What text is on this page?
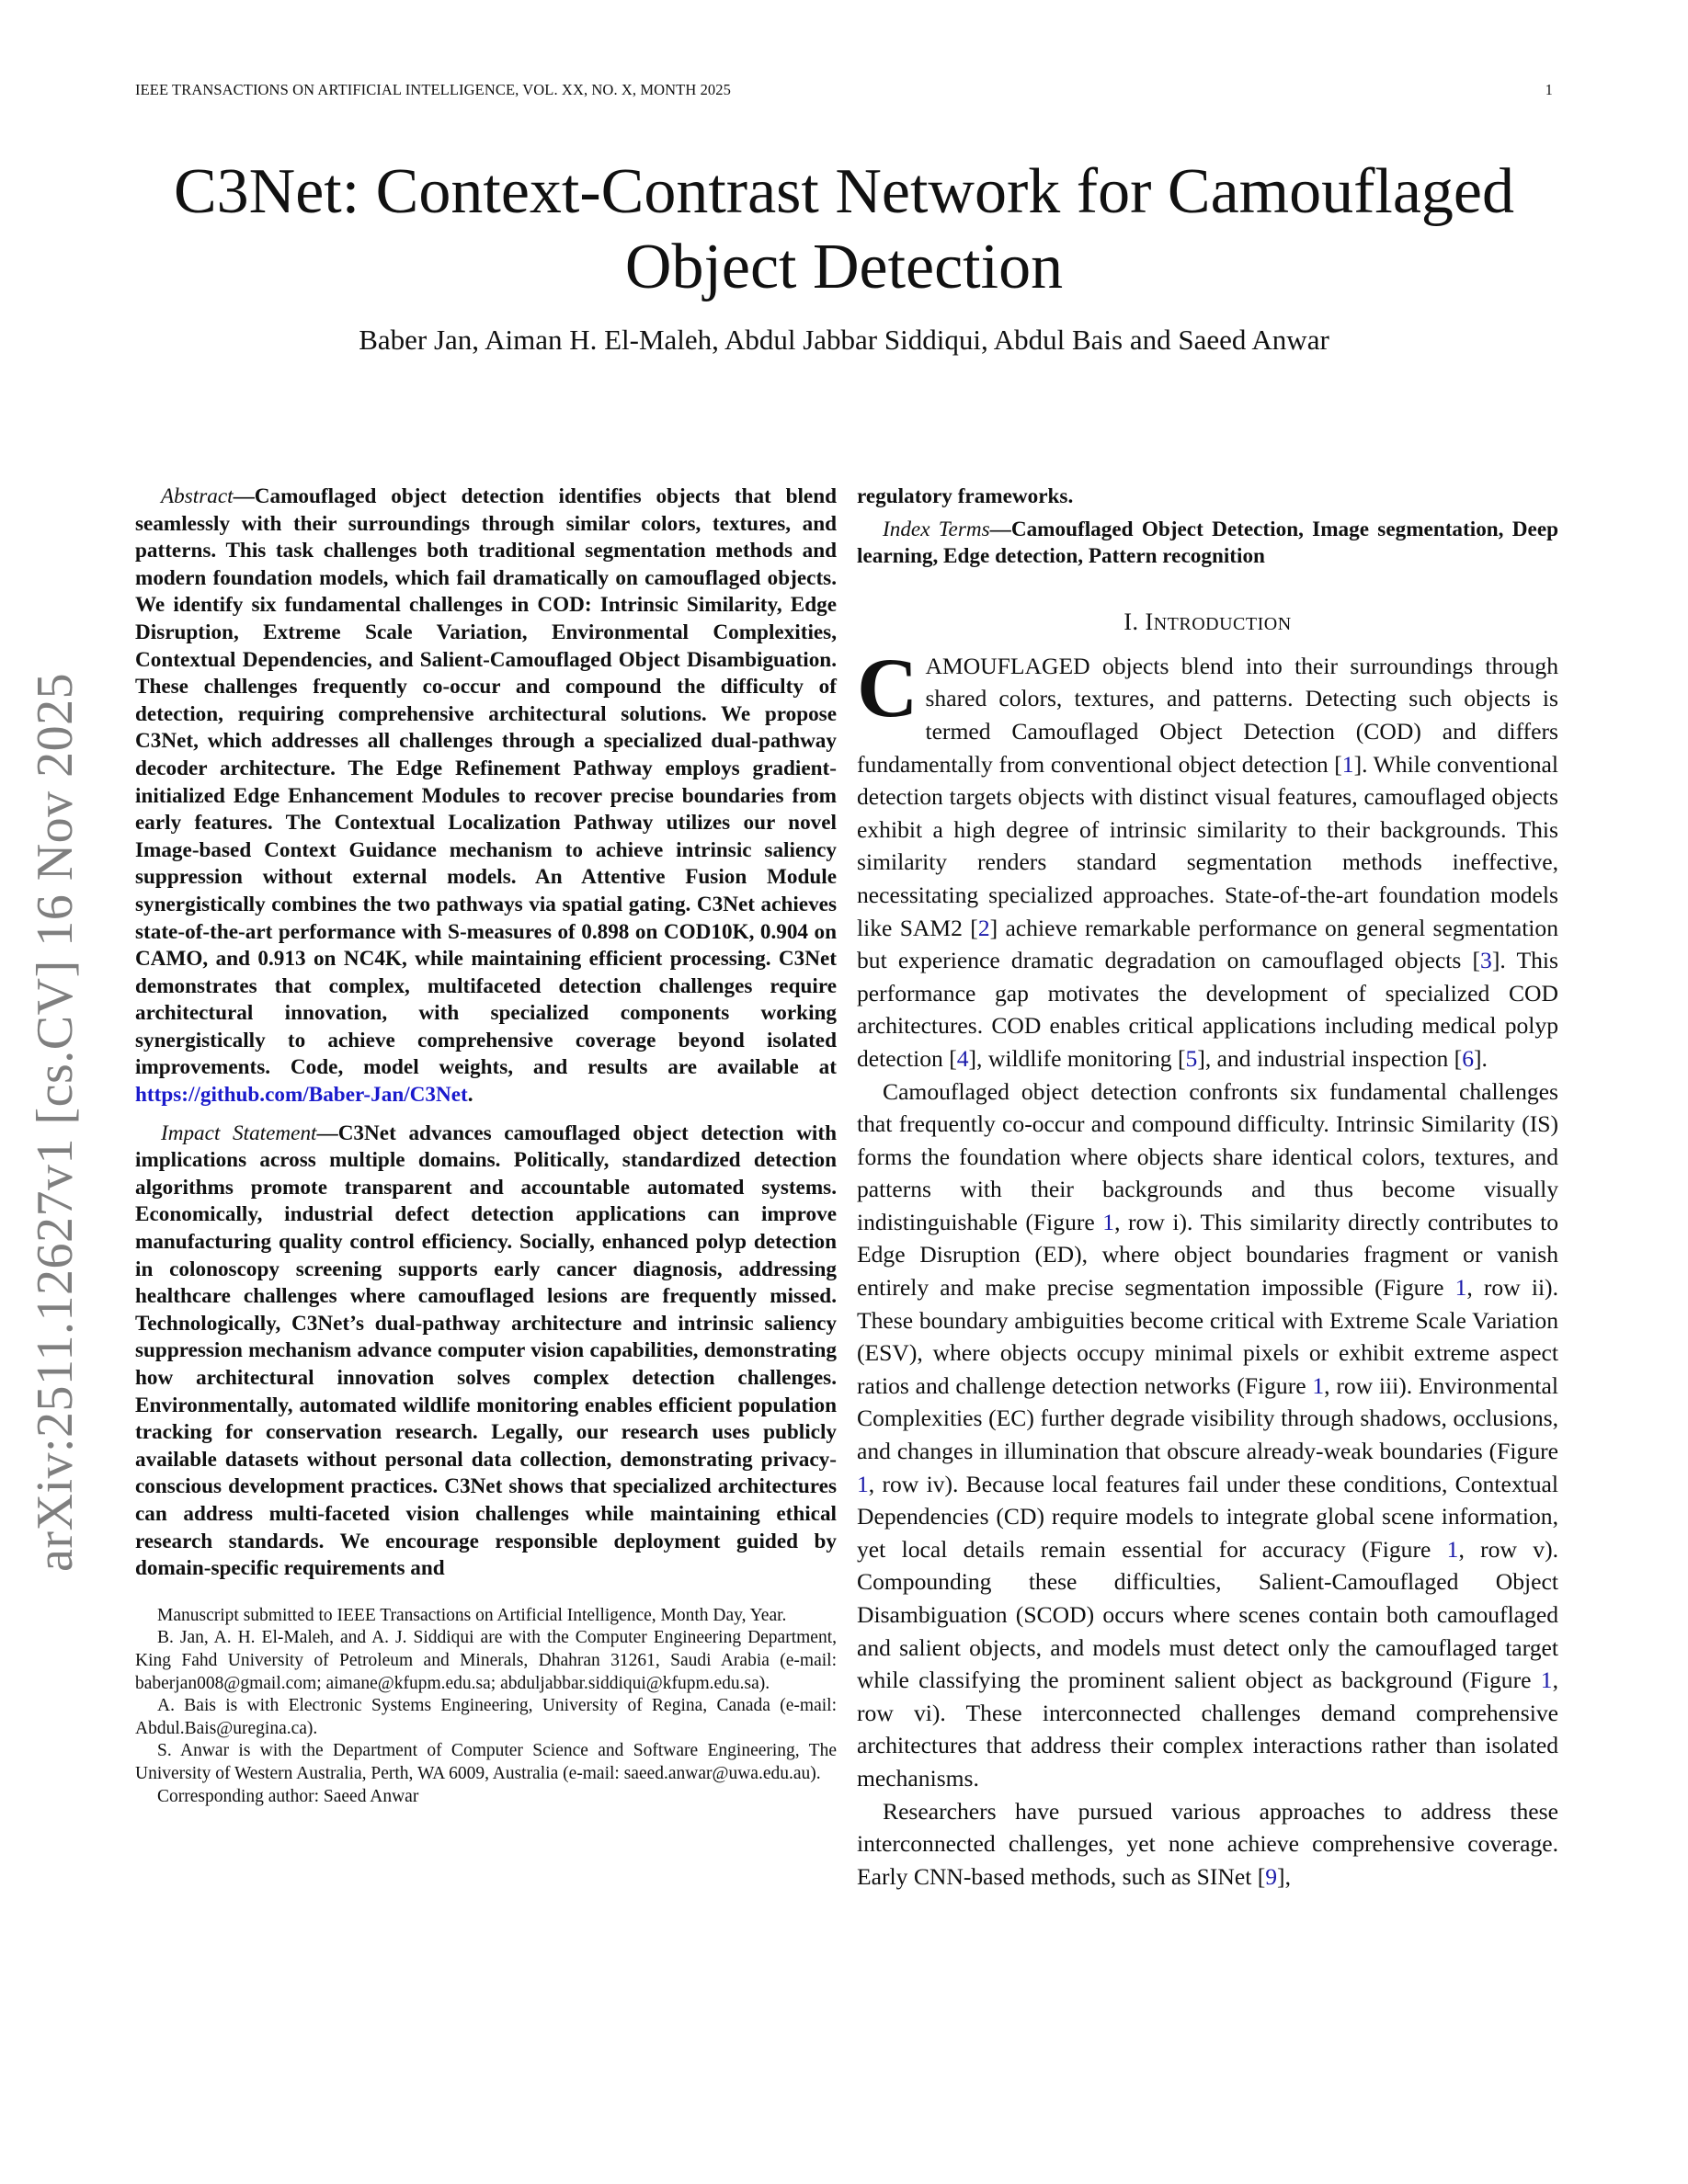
IEEE TRANSACTIONS ON ARTIFICIAL INTELLIGENCE, VOL. XX, NO. X, MONTH 2025	1
arXiv:2511.12627v1 [cs.CV] 16 Nov 2025
C3Net: Context-Contrast Network for Camouflaged
Object Detection
Baber Jan, Aiman H. El-Maleh, Abdul Jabbar Siddiqui, Abdul Bais and Saeed Anwar

Abstract—Camouflaged object detection identifies objects that blend seamlessly with their surroundings through similar colors, textures, and patterns. This task challenges both traditional segmentation methods and modern foundation models, which fail dramatically on camouflaged objects. We identify six fundamental challenges in COD: Intrinsic Similarity, Edge Disruption, Extreme Scale Variation, Environmental Complexities, Contextual Dependencies, and Salient-Camouflaged Object Disambiguation. These challenges frequently co-occur and compound the difficulty of detection, requiring comprehensive architectural solutions. We propose C3Net, which addresses all challenges through a specialized dual-pathway decoder architecture. The Edge Refinement Pathway employs gradient-initialized Edge Enhancement Modules to recover precise boundaries from early features. The Contextual Localization Pathway utilizes our novel Image-based Context Guidance mechanism to achieve intrinsic saliency suppression without external models. An Attentive Fusion Module synergistically combines the two pathways via spatial gating. C3Net achieves state-of-the-art performance with S-measures of 0.898 on COD10K, 0.904 on CAMO, and 0.913 on NC4K, while maintaining efficient processing. C3Net demonstrates that complex, multifaceted detection challenges require architectural innovation, with specialized components working synergistically to achieve comprehensive coverage beyond isolated improvements. Code, model weights, and results are available at https://github.com/Baber-Jan/C3Net.

Impact Statement—C3Net advances camouflaged object detection with implications across multiple domains. Politically, standardized detection algorithms promote transparent and accountable automated systems. Economically, industrial defect detection applications can improve manufacturing quality control efficiency. Socially, enhanced polyp detection in colonoscopy screening supports early cancer diagnosis, addressing healthcare challenges where camouflaged lesions are frequently missed. Technologically, C3Net’s dual-pathway architecture and intrinsic saliency suppression mechanism advance computer vision capabilities, demonstrating how architectural innovation solves complex detection challenges. Environmentally, automated wildlife monitoring enables efficient population tracking for conservation research. Legally, our research uses publicly available datasets without personal data collection, demonstrating privacy-conscious development practices. C3Net shows that specialized architectures can address multi-faceted vision challenges while maintaining ethical research standards. We encourage responsible deployment guided by domain-specific requirements and

Manuscript submitted to IEEE Transactions on Artificial Intelligence, Month Day, Year.

B. Jan, A. H. El-Maleh, and A. J. Siddiqui are with the Computer Engineering Department, King Fahd University of Petroleum and Minerals, Dhahran 31261, Saudi Arabia (e-mail: baberjan008@gmail.com; aimane@kfupm.edu.sa; abduljabbar.siddiqui@kfupm.edu.sa).

A. Bais is with Electronic Systems Engineering, University of Regina, Canada (e-mail: Abdul.Bais@uregina.ca).

S. Anwar is with the Department of Computer Science and Software Engineering, The University of Western Australia, Perth, WA 6009, Australia (e-mail: saeed.anwar@uwa.edu.au).

Corresponding author: Saeed Anwar

regulatory frameworks.

Index Terms—Camouflaged Object Detection, Image segmentation, Deep learning, Edge detection, Pattern recognition

I. INTRODUCTION

CAMOUFLAGED objects blend into their surroundings through shared colors, textures, and patterns. Detecting such objects is termed Camouflaged Object Detection (COD) and differs fundamentally from conventional object detection [1]. While conventional detection targets objects with distinct visual features, camouflaged objects exhibit a high degree of intrinsic similarity to their backgrounds. This similarity renders standard segmentation methods ineffective, necessitating specialized approaches. State-of-the-art foundation models like SAM2 [2] achieve remarkable performance on general segmentation but experience dramatic degradation on camouflaged objects [3]. This performance gap motivates the development of specialized COD architectures. COD enables critical applications including medical polyp detection [4], wildlife monitoring [5], and industrial inspection [6].

Camouflaged object detection confronts six fundamental challenges that frequently co-occur and compound difficulty. Intrinsic Similarity (IS) forms the foundation where objects share identical colors, textures, and patterns with their backgrounds and thus become visually indistinguishable (Figure 1, row i). This similarity directly contributes to Edge Disruption (ED), where object boundaries fragment or vanish entirely and make precise segmentation impossible (Figure 1, row ii). These boundary ambiguities become critical with Extreme Scale Variation (ESV), where objects occupy minimal pixels or exhibit extreme aspect ratios and challenge detection networks (Figure 1, row iii). Environmental Complexities (EC) further degrade visibility through shadows, occlusions, and changes in illumination that obscure already-weak boundaries (Figure 1, row iv). Because local features fail under these conditions, Contextual Dependencies (CD) require models to integrate global scene information, yet local details remain essential for accuracy (Figure 1, row v). Compounding these difficulties, Salient-Camouflaged Object Disambiguation (SCOD) occurs where scenes contain both camouflaged and salient objects, and models must detect only the camouflaged target while classifying the prominent salient object as background (Figure 1, row vi). These interconnected challenges demand comprehensive architectures that address their complex interactions rather than isolated mechanisms.

Researchers have pursued various approaches to address these interconnected challenges, yet none achieve comprehensive coverage. Early CNN-based methods, such as SINet [9],
